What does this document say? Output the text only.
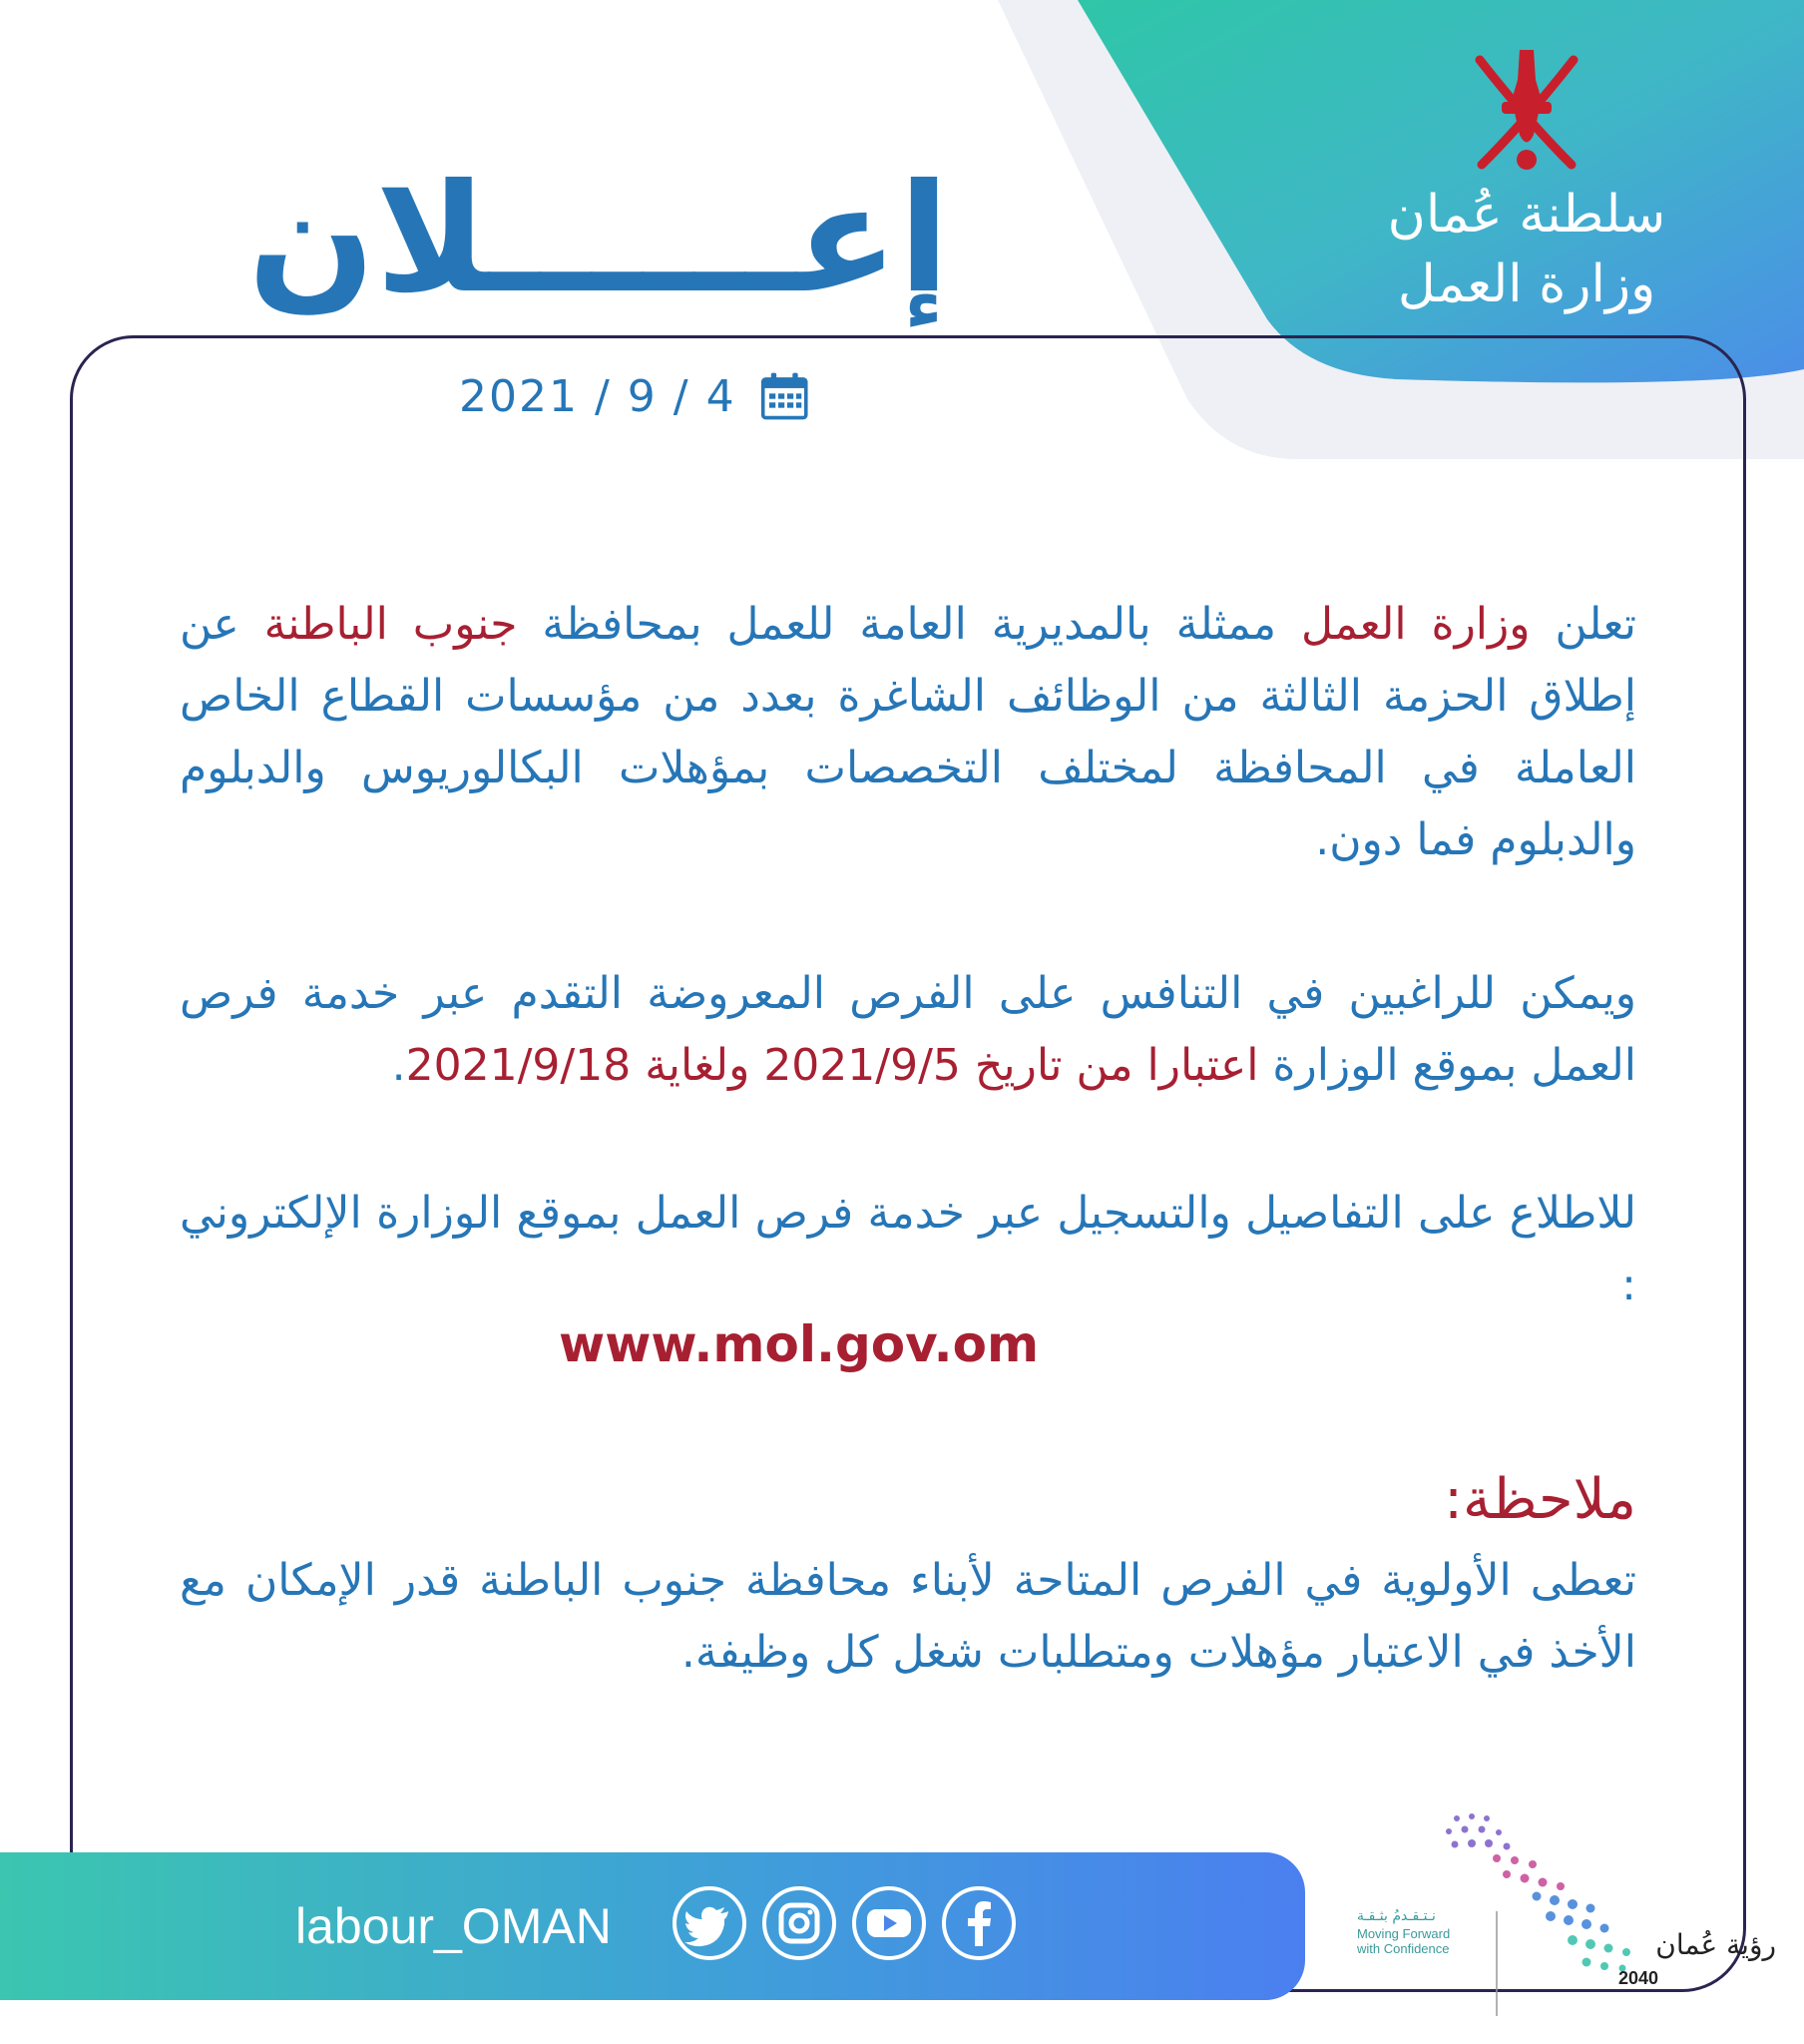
سلطنة عُمان
وزارة العمل
إعــــــلان
2021 / 9 / 4
تعلن وزارة العمل ممثلة بالمديرية العامة للعمل بمحافظة جنوب الباطنة عن إطلاق الحزمة الثالثة من الوظائف الشاغرة بعدد من مؤسسات القطاع الخاص العاملة في المحافظة لمختلف التخصصات بمؤهلات البكالوريوس والدبلوم والدبلوم فما دون.
ويمكن للراغبين في التنافس على الفرص المعروضة التقدم عبر خدمة فرص العمل بموقع الوزارة اعتبارا من تاريخ 2021/9/5 ولغاية 2021/9/18.
للاطلاع على التفاصيل والتسجيل عبر خدمة فرص العمل بموقع الوزارة الإلكتروني :
www.mol.gov.om
ملاحظة:
تعطى الأولوية في الفرص المتاحة لأبناء محافظة جنوب الباطنة قدر الإمكان مع الأخذ في الاعتبار مؤهلات ومتطلبات شغل كل وظيفة.
labour_OMAN	نـتـقـدمُ بثـقـة
Moving Forward
with Confidence	رؤية عُمان
2040
